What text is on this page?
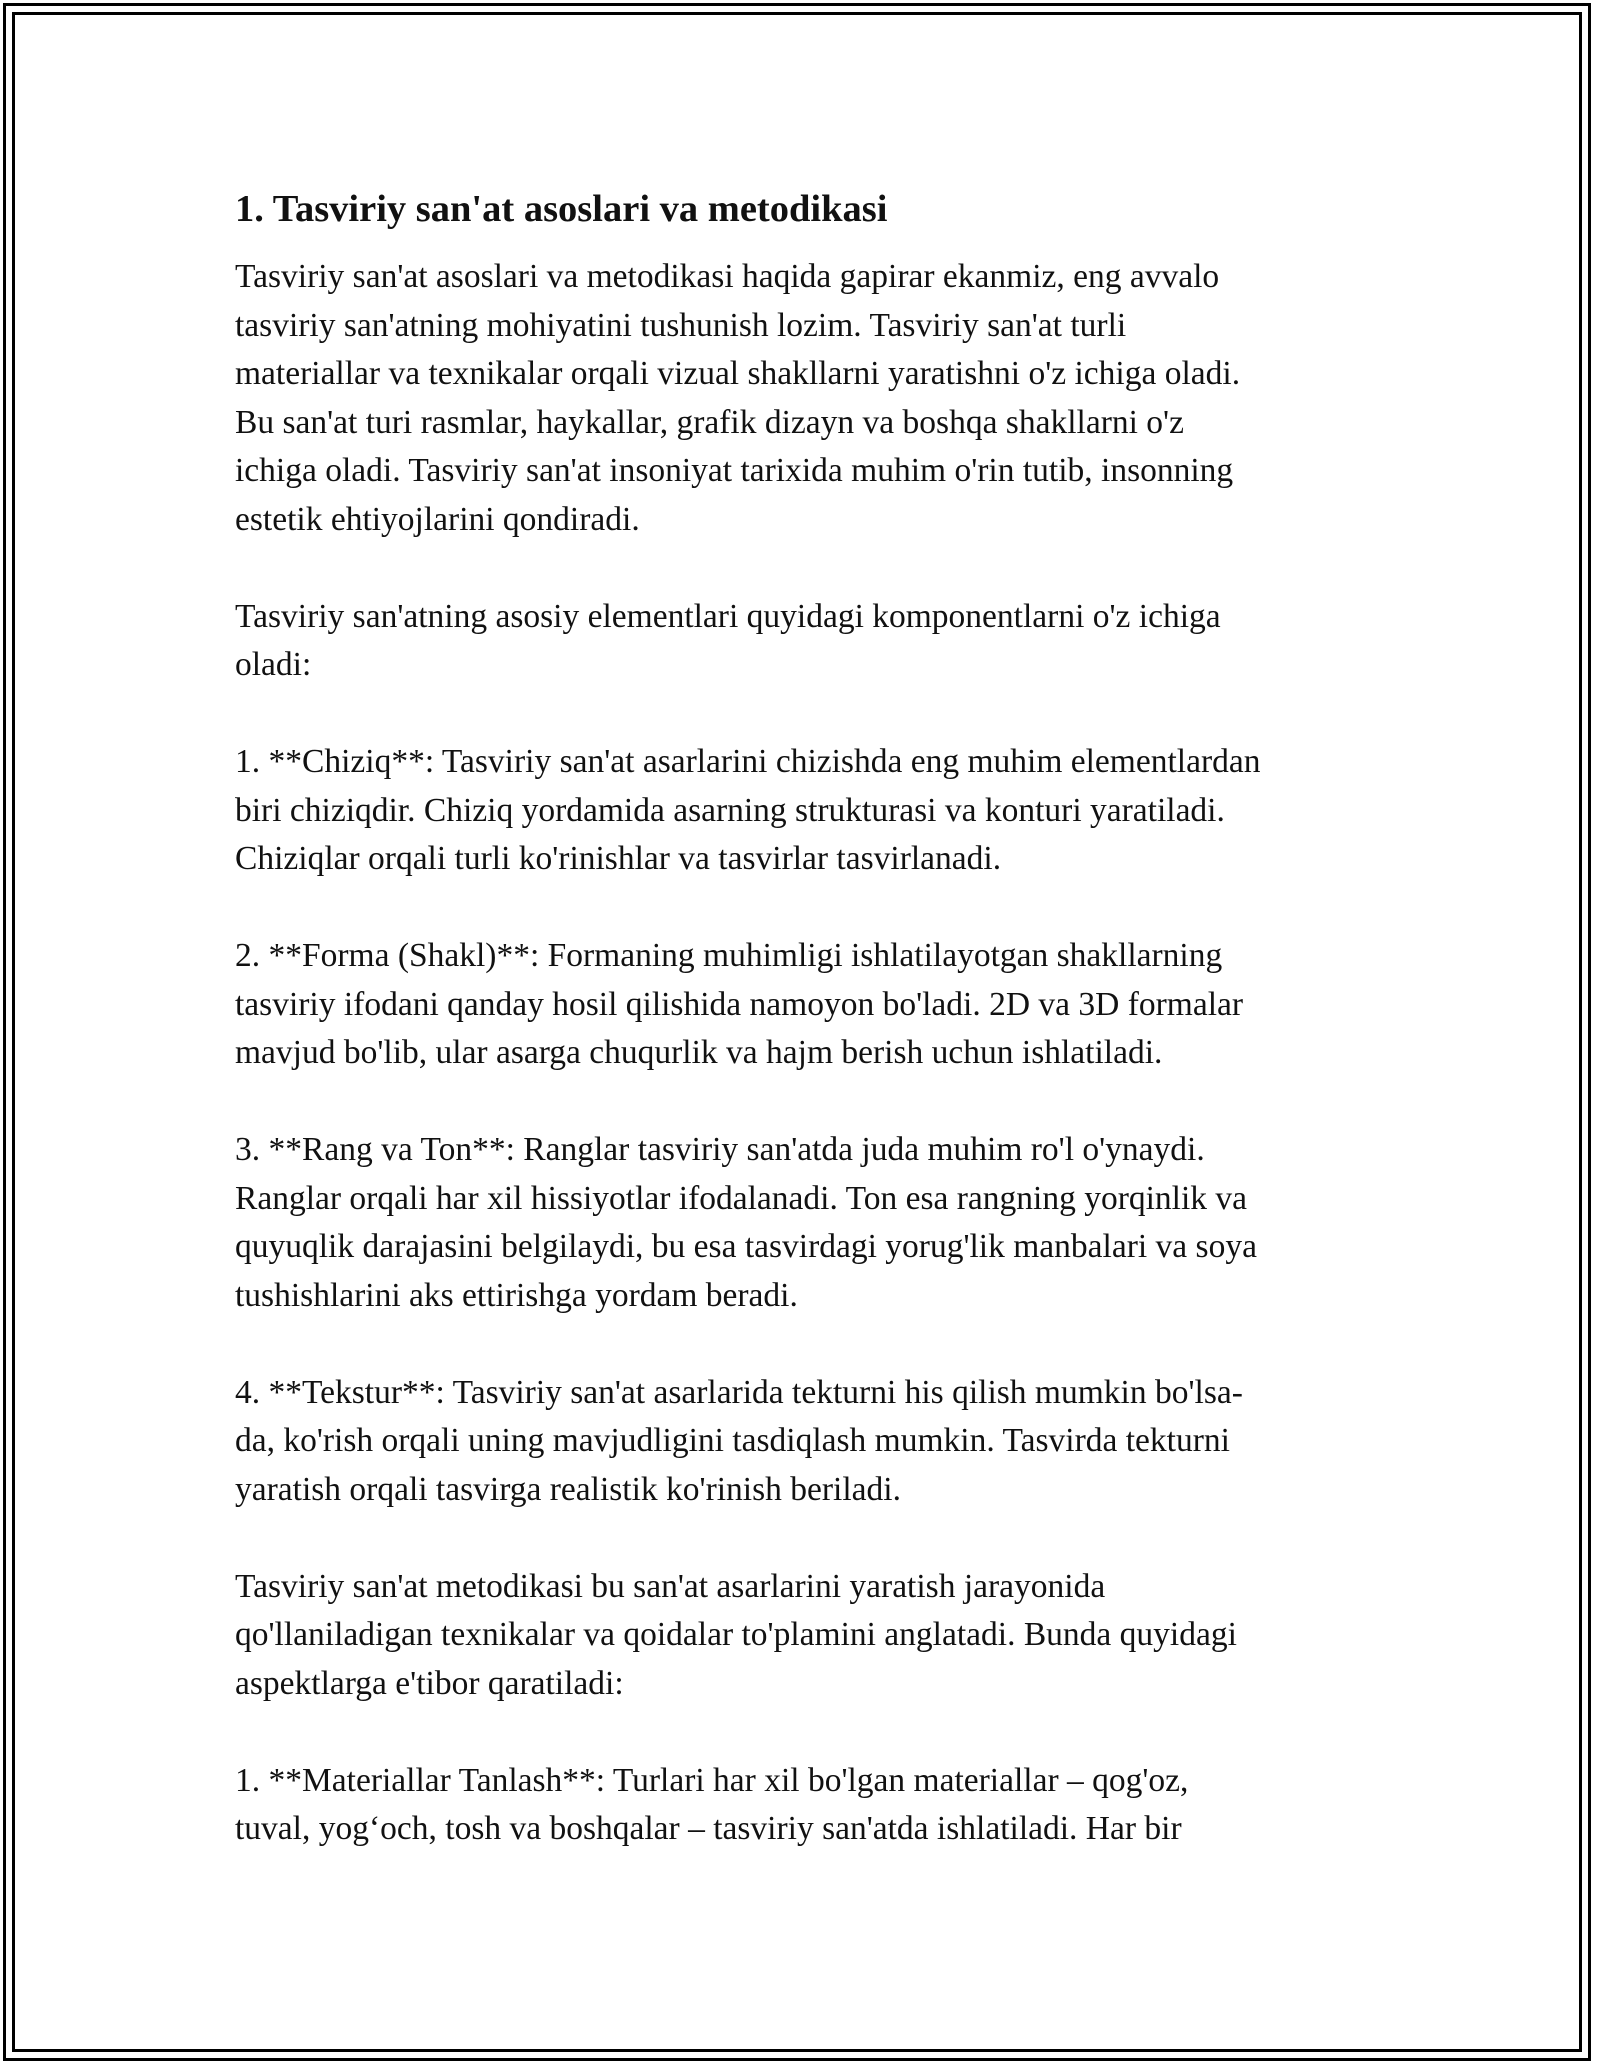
1. Tasviriy san'at asoslari va metodikasi

Tasviriy san'at asoslari va metodikasi haqida gapirar ekanmiz, eng avvalo
tasviriy san'atning mohiyatini tushunish lozim. Tasviriy san'at turli
materiallar va texnikalar orqali vizual shakllarni yaratishni o'z ichiga oladi.
Bu san'at turi rasmlar, haykallar, grafik dizayn va boshqa shakllarni o'z
ichiga oladi. Tasviriy san'at insoniyat tarixida muhim o'rin tutib, insonning
estetik ehtiyojlarini qondiradi.

Tasviriy san'atning asosiy elementlari quyidagi komponentlarni o'z ichiga
oladi:

1. **Chiziq**: Tasviriy san'at asarlarini chizishda eng muhim elementlardan
biri chiziqdir. Chiziq yordamida asarning strukturasi va konturi yaratiladi.
Chiziqlar orqali turli ko'rinishlar va tasvirlar tasvirlanadi.

2. **Forma (Shakl)**: Formaning muhimligi ishlatilayotgan shakllarning
tasviriy ifodani qanday hosil qilishida namoyon bo'ladi. 2D va 3D formalar
mavjud bo'lib, ular asarga chuqurlik va hajm berish uchun ishlatiladi.

3. **Rang va Ton**: Ranglar tasviriy san'atda juda muhim ro'l o'ynaydi.
Ranglar orqali har xil hissiyotlar ifodalanadi. Ton esa rangning yorqinlik va
quyuqlik darajasini belgilaydi, bu esa tasvirdagi yorug'lik manbalari va soya
tushishlarini aks ettirishga yordam beradi.

4. **Tekstur**: Tasviriy san'at asarlarida tekturni his qilish mumkin bo'lsa-
da, ko'rish orqali uning mavjudligini tasdiqlash mumkin. Tasvirda tekturni
yaratish orqali tasvirga realistik ko'rinish beriladi.

Tasviriy san'at metodikasi bu san'at asarlarini yaratish jarayonida
qo'llaniladigan texnikalar va qoidalar to'plamini anglatadi. Bunda quyidagi
aspektlarga e'tibor qaratiladi:

1. **Materiallar Tanlash**: Turlari har xil bo'lgan materiallar – qog'oz,
tuval, yog‘och, tosh va boshqalar – tasviriy san'atda ishlatiladi. Har bir
